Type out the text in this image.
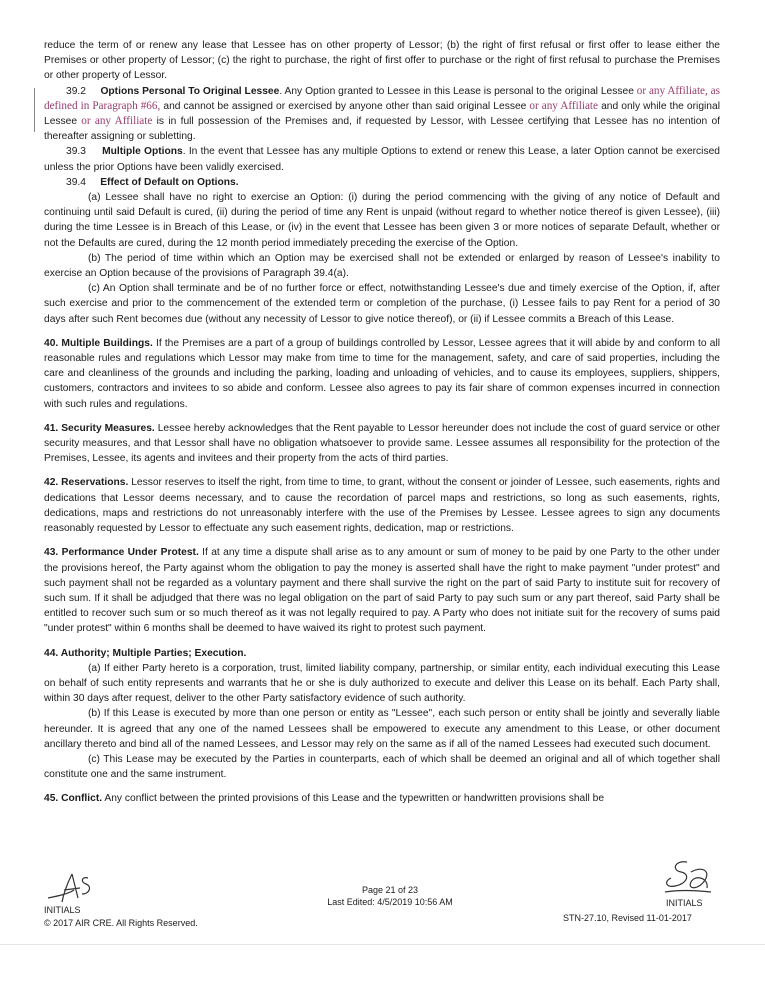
reduce the term of or renew any lease that Lessee has on other property of Lessor; (b) the right of first refusal or first offer to lease either the Premises or other property of Lessor; (c) the right to purchase, the right of first offer to purchase or the right of first refusal to purchase the Premises or other property of Lessor.

39.2 Options Personal To Original Lessee. Any Option granted to Lessee in this Lease is personal to the original Lessee or any Affiliate, as defined in Paragraph #66, and cannot be assigned or exercised by anyone other than said original Lessee or any Affiliate and only while the original Lessee or any Affiliate is in full possession of the Premises and, if requested by Lessor, with Lessee certifying that Lessee has no intention of thereafter assigning or subletting.

39.3 Multiple Options. In the event that Lessee has any multiple Options to extend or renew this Lease, a later Option cannot be exercised unless the prior Options have been validly exercised.

39.4 Effect of Default on Options.

(a) Lessee shall have no right to exercise an Option: (i) during the period commencing with the giving of any notice of Default and continuing until said Default is cured, (ii) during the period of time any Rent is unpaid (without regard to whether notice thereof is given Lessee), (iii) during the time Lessee is in Breach of this Lease, or (iv) in the event that Lessee has been given 3 or more notices of separate Default, whether or not the Defaults are cured, during the 12 month period immediately preceding the exercise of the Option.

(b) The period of time within which an Option may be exercised shall not be extended or enlarged by reason of Lessee's inability to exercise an Option because of the provisions of Paragraph 39.4(a).

(c) An Option shall terminate and be of no further force or effect, notwithstanding Lessee's due and timely exercise of the Option, if, after such exercise and prior to the commencement of the extended term or completion of the purchase, (i) Lessee fails to pay Rent for a period of 30 days after such Rent becomes due (without any necessity of Lessor to give notice thereof), or (ii) if Lessee commits a Breach of this Lease.

40. Multiple Buildings. If the Premises are a part of a group of buildings controlled by Lessor, Lessee agrees that it will abide by and conform to all reasonable rules and regulations which Lessor may make from time to time for the management, safety, and care of said properties, including the care and cleanliness of the grounds and including the parking, loading and unloading of vehicles, and to cause its employees, suppliers, shippers, customers, contractors and invitees to so abide and conform. Lessee also agrees to pay its fair share of common expenses incurred in connection with such rules and regulations.

41. Security Measures. Lessee hereby acknowledges that the Rent payable to Lessor hereunder does not include the cost of guard service or other security measures, and that Lessor shall have no obligation whatsoever to provide same. Lessee assumes all responsibility for the protection of the Premises, Lessee, its agents and invitees and their property from the acts of third parties.

42. Reservations. Lessor reserves to itself the right, from time to time, to grant, without the consent or joinder of Lessee, such easements, rights and dedications that Lessor deems necessary, and to cause the recordation of parcel maps and restrictions, so long as such easements, rights, dedications, maps and restrictions do not unreasonably interfere with the use of the Premises by Lessee. Lessee agrees to sign any documents reasonably requested by Lessor to effectuate any such easement rights, dedication, map or restrictions.

43. Performance Under Protest. If at any time a dispute shall arise as to any amount or sum of money to be paid by one Party to the other under the provisions hereof, the Party against whom the obligation to pay the money is asserted shall have the right to make payment "under protest" and such payment shall not be regarded as a voluntary payment and there shall survive the right on the part of said Party to institute suit for recovery of such sum. If it shall be adjudged that there was no legal obligation on the part of said Party to pay such sum or any part thereof, said Party shall be entitled to recover such sum or so much thereof as it was not legally required to pay. A Party who does not initiate suit for the recovery of sums paid "under protest" within 6 months shall be deemed to have waived its right to protest such payment.

44. Authority; Multiple Parties; Execution.

(a) If either Party hereto is a corporation, trust, limited liability company, partnership, or similar entity, each individual executing this Lease on behalf of such entity represents and warrants that he or she is duly authorized to execute and deliver this Lease on its behalf. Each Party shall, within 30 days after request, deliver to the other Party satisfactory evidence of such authority.

(b) If this Lease is executed by more than one person or entity as "Lessee", each such person or entity shall be jointly and severally liable hereunder. It is agreed that any one of the named Lessees shall be empowered to execute any amendment to this Lease, or other document ancillary thereto and bind all of the named Lessees, and Lessor may rely on the same as if all of the named Lessees had executed such document.

(c) This Lease may be executed by the Parties in counterparts, each of which shall be deemed an original and all of which together shall constitute one and the same instrument.

45. Conflict. Any conflict between the printed provisions of this Lease and the typewritten or handwritten provisions shall be

INITIALS
INITIALS
Page 21 of 23
Last Edited: 4/5/2019 10:56 AM
© 2017 AIR CRE. All Rights Reserved.	STN-27.10, Revised 11-01-2017
